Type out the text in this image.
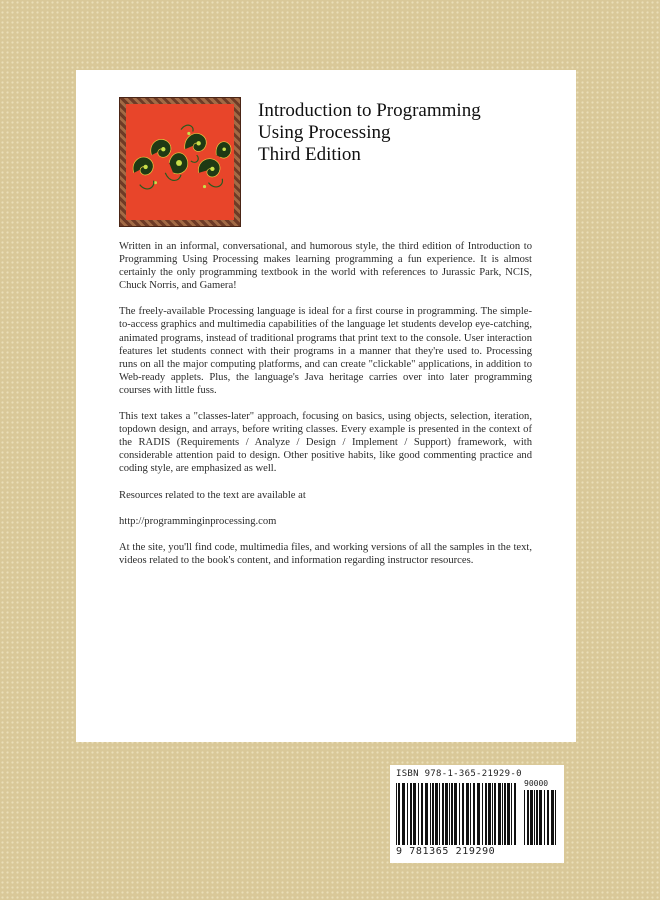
Introduction to Programming
Using Processing
Third Edition

Written in an informal, conversational, and humorous style, the third edition of Introduction to Programming Using Processing makes learning programming a fun experience. It is almost certainly the only programming textbook in the world with references to Jurassic Park, NCIS, Chuck Norris, and Gamera!

The freely-available Processing language is ideal for a first course in programming. The simple-to-access graphics and multimedia capabilities of the language let students develop eye-catching, animated programs, instead of traditional programs that print text to the console. User interaction features let students connect with their programs in a manner that they're used to. Processing runs on all the major computing platforms, and can create "clickable" applications, in addition to Web-ready applets. Plus, the language's Java heritage carries over into later programming courses with little fuss.

This text takes a "classes-later" approach, focusing on basics, using objects, selection, iteration, topdown design, and arrays, before writing classes. Every example is presented in the context of the RADIS (Requirements / Analyze / Design / Implement / Support) framework, with considerable attention paid to design. Other positive habits, like good commenting practice and coding style, are emphasized as well.

Resources related to the text are available at

http://programminginprocessing.com

At the site, you'll find code, multimedia files, and working versions of all the samples in the text, videos related to the book's content, and information regarding instructor resources.

ISBN 978-1-365-21929-0
90000
9 781365 219290
